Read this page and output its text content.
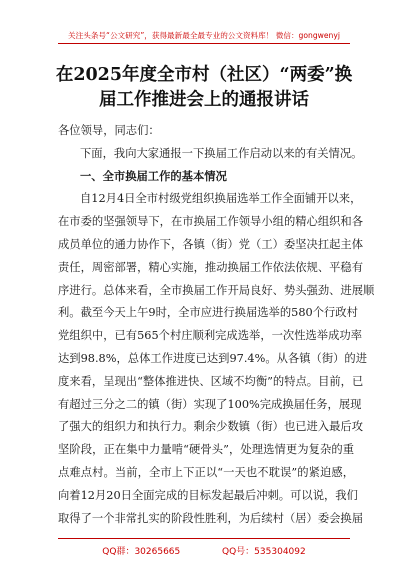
关注头条号“公文研究”，获得最新最全最专业的公文资料库！ 微信：gongwenyj
在2025年度全市村（社区）“两委”换
届工作推进会上的通报讲话

各位领导，同志们：

下面，我向大家通报一下换届工作启动以来的有关情况。

一、全市换届工作的基本情况

自12月4日全市村级党组织换届选举工作全面铺开以来，
在市委的坚强领导下，在市换届工作领导小组的精心组织和各
成员单位的通力协作下，各镇（街）党（工）委坚决扛起主体
责任，周密部署，精心实施，推动换届工作依法依规、平稳有
序进行。总体来看，全市换届工作开局良好、势头强劲、进展顺
利。截至今天上午9时，全市应进行换届选举的580个行政村
党组织中，已有565个村庄顺利完成选举，一次性选举成功率
达到98.8%，总体工作进度已达到97.4%。从各镇（街）的进
度来看，呈现出“整体推进快、区域不均衡”的特点。目前，已
有超过三分之二的镇（街）实现了100%完成换届任务，展现
了强大的组织力和执行力。剩余少数镇（街）也已进入最后攻
坚阶段，正在集中力量啃“硬骨头”，处理选情更为复杂的重
点难点村。当前，全市上下正以“一天也不耽误”的紧迫感，
向着12月20日全面完成的目标发起最后冲刺。可以说，我们
取得了一个非常扎实的阶段性胜利，为后续村（居）委会换届

QQ群：30265665	QQ号：535304092
